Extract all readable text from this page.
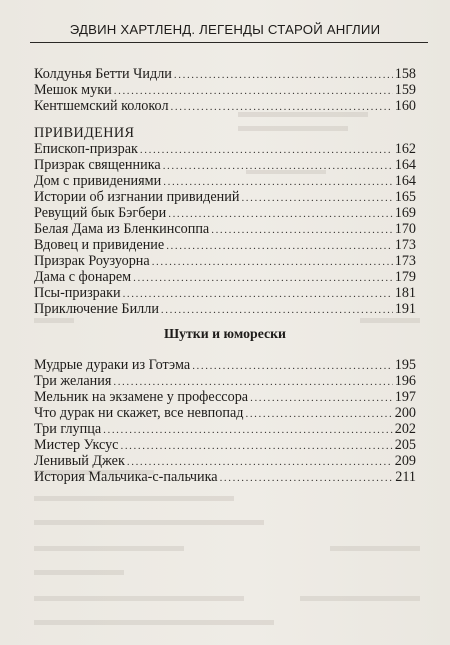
ЭДВИН ХАРТЛЕНД. ЛЕГЕНДЫ СТАРОЙ АНГЛИИ
Колдунья Бетти Чидли .....	158
Мешок муки .....	159
Кентшемский колокол .....	160
ПРИВИДЕНИЯ
Епископ-призрак .....	162
Призрак священника .....	164
Дом с привидениями .....	164
Истории об изгнании привидений .....	165
Ревущий бык Бэгбери .....	169
Белая Дама из Бленкинсоппа .....	170
Вдовец и привидение .....	173
Призрак Роузуорна .....	173
Дама с фонарем .....	179
Псы-призраки .....	181
Приключение Билли .....	191
Шутки и юморески
Мудрые дураки из Готэма .....	195
Три желания .....	196
Мельник на экзамене у профессора .....	197
Что дурак ни скажет, все невпопад .....	200
Три глупца .....	202
Мистер Уксус .....	205
Ленивый Джек .....	209
История Мальчика-с-пальчика .....	211
